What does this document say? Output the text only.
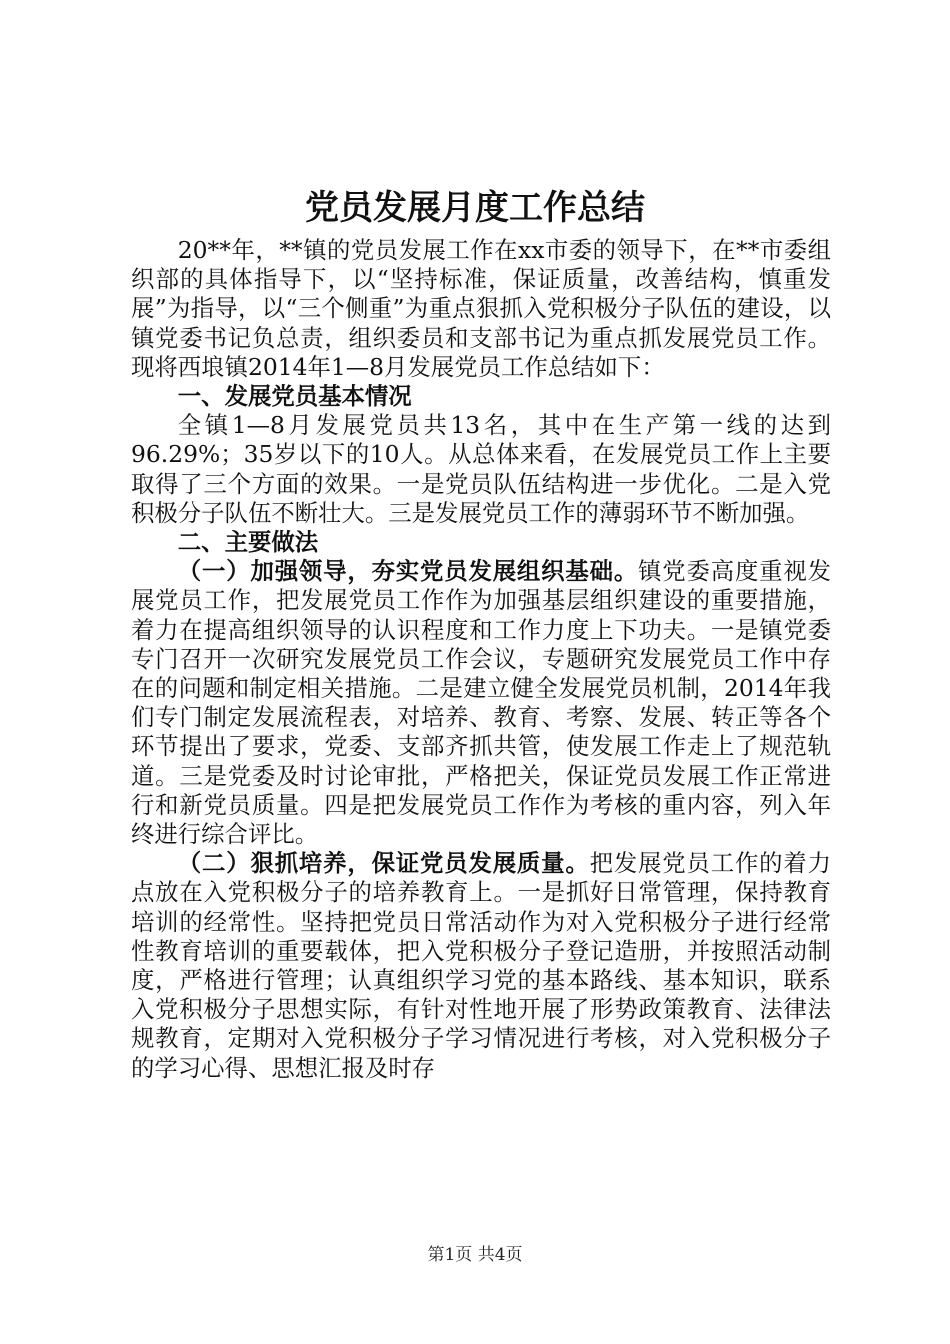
党员发展月度工作总结

20**年，**镇的党员发展工作在xx市委的领导下，在**市委组织部的具体指导下，以“坚持标准，保证质量，改善结构，慎重发展”为指导，以“三个侧重”为重点狠抓入党积极分子队伍的建设，以镇党委书记负总责，组织委员和支部书记为重点抓发展党员工作。现将西埌镇2014年1—8月发展党员工作总结如下：

一、发展党员基本情况

全镇1—8月发展党员共13名，其中在生产第一线的达到96.29%；35岁以下的10人。从总体来看，在发展党员工作上主要取得了三个方面的效果。一是党员队伍结构进一步优化。二是入党积极分子队伍不断壮大。三是发展党员工作的薄弱环节不断加强。

二、主要做法

（一）加强领导，夯实党员发展组织基础。镇党委高度重视发展党员工作，把发展党员工作作为加强基层组织建设的重要措施，着力在提高组织领导的认识程度和工作力度上下功夫。一是镇党委专门召开一次研究发展党员工作会议，专题研究发展党员工作中存在的问题和制定相关措施。二是建立健全发展党员机制，2014年我们专门制定发展流程表，对培养、教育、考察、发展、转正等各个环节提出了要求，党委、支部齐抓共管，使发展工作走上了规范轨道。三是党委及时讨论审批，严格把关，保证党员发展工作正常进行和新党员质量。四是把发展党员工作作为考核的重内容，列入年终进行综合评比。

（二）狠抓培养，保证党员发展质量。把发展党员工作的着力点放在入党积极分子的培养教育上。一是抓好日常管理，保持教育培训的经常性。坚持把党员日常活动作为对入党积极分子进行经常性教育培训的重要载体，把入党积极分子登记造册，并按照活动制度，严格进行管理；认真组织学习党的基本路线、基本知识，联系入党积极分子思想实际，有针对性地开展了形势政策教育、法律法规教育，定期对入党积极分子学习情况进行考核，对入党积极分子的学习心得、思想汇报及时存

第1页 共4页
